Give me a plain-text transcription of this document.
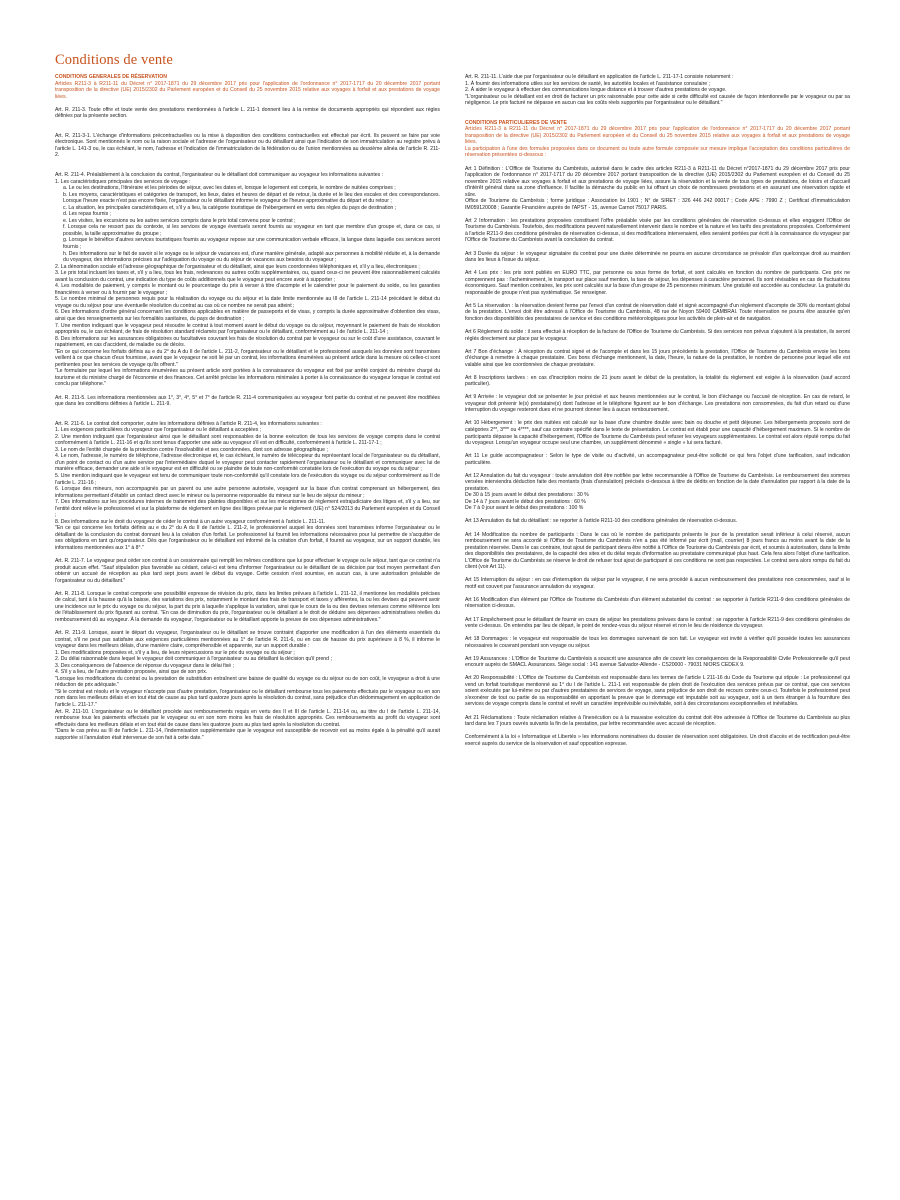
Conditions de vente
CONDITIONS GENERALES DE RÉSERVATION
Articles R211-3 à R211-11 du Décret n° 2017-1871 du 29 décembre 2017 pris pour l'application de l'ordonnance n° 2017-1717 du 20 décembre 2017 portant transposition de la directive (UE) 2015/2302 du Parlement européen et du Conseil du 25 novembre 2015 relative aux voyages à forfait et aux prestations de voyage liées.
Art. R. 211-3. Toute offre et toute vente des prestations mentionnées à l'article L. 211-1 donnent lieu à la remise de documents appropriés qui répondent aux règles définies par la présente section.
Art. R. 211-3-1. L'échange d'informations précontractuelles ou la mise à disposition des conditions contractuelles est effectué par écrit. Ils peuvent se faire par voie électronique. Sont mentionnés le nom ou la raison sociale et l'adresse de l'organisateur ou du détaillant ainsi que l'indication de son immatriculation au registre prévu à l'article L. 141-3 ou, le cas échéant, le nom, l'adresse et l'indication de l'immatriculation de la fédération ou de l'union mentionnées au deuxième alinéa de l'article R. 211-2.
Art. R. 211-4. Préalablement à la conclusion du contrat, l'organisateur ou le détaillant doit communiquer au voyageur les informations suivantes :
1. Les caractéristiques principales des services de voyage :
a. Le ou les destinations, l'itinéraire et les périodes de séjour, avec les dates et, lorsque le logement est compris, le nombre de nuitées comprises ;
b. Les moyens, caractéristiques et catégories de transport, les lieux, dates et heures de départ et de retour, la durée et le lieu des escales et des correspondances. Lorsque l'heure exacte n'est pas encore fixée, l'organisateur ou le détaillant informe le voyageur de l'heure approximative du départ et du retour ;
c. La situation, les principales caractéristiques et, s'il y a lieu, la catégorie touristique de l'hébergement en vertu des règles du pays de destination ;
d. Les repas fournis ;
e. Les visites, les excursions ou les autres services compris dans le prix total convenu pour le contrat ;
f. Lorsque cela ne ressort pas du contexte, si les services de voyage éventuels seront fournis au voyageur en tant que membre d'un groupe et, dans ce cas, si possible, la taille approximative du groupe ;
g. Lorsque le bénéfice d'autres services touristiques fournis au voyageur repose sur une communication verbale efficace, la langue dans laquelle ces services seront fournis ;
h. Des informations sur le fait de savoir si le voyage ou le séjour de vacances est, d'une manière générale, adapté aux personnes à mobilité réduite et, à la demande du voyageur, des informations précises sur l'adéquation du voyage ou du séjour de vacances aux besoins du voyageur ;
2. La dénomination sociale et l'adresse géographique de l'organisateur et du détaillant, ainsi que leurs coordonnées téléphoniques et, s'il y a lieu, électroniques ;
3. Le prix total incluant les taxes et, s'il y a lieu, tous les frais, redevances ou autres coûts supplémentaires, ou, quand ceux-ci ne peuvent être raisonnablement calculés avant la conclusion du contrat, une indication du type de coûts additionnels que le voyageur peut encore avoir à supporter ;
4. Les modalités de paiement, y compris le montant ou le pourcentage du prix à verser à titre d'acompte et le calendrier pour le paiement du solde, ou les garanties financières à verser ou à fournir par le voyageur ;
5. Le nombre minimal de personnes requis pour la réalisation du voyage ou du séjour et la date limite mentionnée au III de l'article L. 211-14 précédant le début du voyage ou du séjour pour une éventuelle résolution du contrat au cas où ce nombre ne serait pas atteint ;
6. Des informations d'ordre général concernant les conditions applicables en matière de passeports et de visas, y compris la durée approximative d'obtention des visas, ainsi que des renseignements sur les formalités sanitaires, du pays de destination ;
7. Une mention indiquant que le voyageur peut résoudre le contrat à tout moment avant le début du voyage ou du séjour, moyennant le paiement de frais de résolution appropriés ou, le cas échéant, de frais de résolution standard réclamés par l'organisateur ou le détaillant, conformément au I de l'article L. 211-14 ;
8. Des informations sur les assurances obligatoires ou facultatives couvrant les frais de résolution du contrat par le voyageur ou sur le coût d'une assistance, couvrant le rapatriement, en cas d'accident, de maladie ou de décès.
"En ce qui concerne les forfaits définis au e du 2° du A du II de l'article L. 211-2, l'organisateur ou le détaillant et le professionnel auxquels les données sont transmises veillent à ce que chacun d'eux fournisse, avant que le voyageur ne soit lié par un contrat, les informations énumérées au présent article dans la mesure où celles-ci sont pertinentes pour les services de voyage qu'ils offrent."
"Le formulaire par lequel les informations énumérées au présent article sont portées à la connaissance du voyageur est fixé par arrêté conjoint du ministre chargé du tourisme et du ministre chargé de l'économie et des finances. Cet arrêté précise les informations minimales à porter à la connaissance du voyageur lorsque le contrat est conclu par téléphone."
Art. R. 211-5. Les informations mentionnées aux 1°, 3°, 4°, 5° et 7° de l'article R. 211-4 communiquées au voyageur font partie du contrat et ne peuvent être modifiées que dans les conditions définies à l'article L. 211-9.
Art. R. 211-6. Le contrat doit comporter, outre les informations définies à l'article R. 211-4, les informations suivantes :
1. Les exigences particulières du voyageur que l'organisateur ou le détaillant a acceptées ;
2. Une mention indiquant que l'organisateur ainsi que le détaillant sont responsables de la bonne exécution de tous les services de voyage compris dans le contrat conformément à l'article L. 211-16 et qu'ils sont tenus d'apporter une aide au voyageur s'il est en difficulté, conformément à l'article L. 211-17-1 ;
3. Le nom de l'entité chargée de la protection contre l'insolvabilité et ses coordonnées, dont son adresse géographique ;
4. Le nom, l'adresse, le numéro de téléphone, l'adresse électronique et, le cas échéant, le numéro de télécopieur du représentant local de l'organisateur ou du détaillant, d'un point de contact ou d'un autre service par l'intermédiaire duquel le voyageur peut contacter rapidement l'organisateur ou le détaillant et communiquer avec lui de manière efficace, demander une aide si le voyageur est en difficulté ou se plaindre de toute non-conformité constatée lors de l'exécution du voyage ou du séjour ;
5. Une mention indiquant que le voyageur est tenu de communiquer toute non-conformité qu'il constate lors de l'exécution du voyage ou du séjour conformément au II de l'article L. 211-16 ;
6. Lorsque des mineurs, non accompagnés par un parent ou une autre personne autorisée, voyagent sur la base d'un contrat comprenant un hébergement, des informations permettant d'établir un contact direct avec le mineur ou la personne responsable du mineur sur le lieu de séjour du mineur ;
7. Des informations sur les procédures internes de traitement des plaintes disponibles et sur les mécanismes de règlement extrajudiciaire des litiges et, s'il y a lieu, sur l'entité dont relève le professionnel et sur la plateforme de règlement en ligne des litiges prévue par le règlement (UE) n° 524/2013 du Parlement européen et du Conseil ;
8. Des informations sur le droit du voyageur de céder le contrat à un autre voyageur conformément à l'article L. 211-11.
"En ce qui concerne les forfaits définis au e du 2° du A du II de l'article L. 211-2, le professionnel auquel les données sont transmises informe l'organisateur ou le détaillant de la conclusion du contrat donnant lieu à la création d'un forfait. Le professionnel lui fournit les informations nécessaires pour lui permettre de s'acquitter de ses obligations en tant qu'organisateur. Dès que l'organisateur ou le détaillant est informé de la création d'un forfait, il fournit au voyageur, sur un support durable, les informations mentionnées aux 1° à 8°."
Art. R. 211-7. Le voyageur peut céder son contrat à un cessionnaire qui remplit les mêmes conditions que lui pour effectuer le voyage ou le séjour, tant que ce contrat n'a produit aucun effet. "Sauf stipulation plus favorable au cédant, celui-ci est tenu d'informer l'organisateur ou le détaillant de sa décision par tout moyen permettant d'en obtenir un accusé de réception au plus tard sept jours avant le début du voyage. Cette cession n'est soumise, en aucun cas, à une autorisation préalable de l'organisateur ou du détaillant."
Art. R. 211-8. Lorsque le contrat comporte une possibilité expresse de révision du prix, dans les limites prévues à l'article L. 211-12, il mentionne les modalités précises de calcul, tant à la hausse qu'à la baisse, des variations des prix, notamment le montant des frais de transport et taxes y afférentes, la ou les devises qui peuvent avoir une incidence sur le prix du voyage ou du séjour, la part du prix à laquelle s'applique la variation, ainsi que le cours de la ou des devises retenues comme référence lors de l'établissement du prix figurant au contrat. "En cas de diminution du prix, l'organisateur ou le détaillant a le droit de déduire ses dépenses administratives réelles du remboursement dû au voyageur. À la demande du voyageur, l'organisateur ou le détaillant apporte la preuve de ces dépenses administratives."
Art. R. 211-9. Lorsque, avant le départ du voyageur, l'organisateur ou le détaillant se trouve contraint d'apporter une modification à l'un des éléments essentiels du contrat, s'il ne peut pas satisfaire aux exigences particulières mentionnées au 1° de l'article R. 211-6, ou en cas de hausse du prix supérieure à 8 %, il informe le voyageur dans les meilleurs délais, d'une manière claire, compréhensible et apparente, sur un support durable :
1. Des modifications proposées et, s'il y a lieu, de leurs répercussions sur le prix du voyage ou du séjour ;
2. Du délai raisonnable dans lequel le voyageur doit communiquer à l'organisateur ou au détaillant la décision qu'il prend ;
3. Des conséquences de l'absence de réponse du voyageur dans le délai fixé ;
4. S'il y a lieu, de l'autre prestation proposée, ainsi que de son prix.
"Lorsque les modifications du contrat ou la prestation de substitution entraînent une baisse de qualité du voyage ou du séjour ou de son coût, le voyageur a droit à une réduction de prix adéquate."
"Si le contrat est résolu et le voyageur n'accepte pas d'autre prestation, l'organisateur ou le détaillant rembourse tous les paiements effectués par le voyageur ou en son nom dans les meilleurs délais et en tout état de cause au plus tard quatorze jours après la résolution du contrat, sans préjudice d'un dédommagement en application de l'article L. 211-17."
Art. R. 211-10. L'organisateur ou le détaillant procède aux remboursements requis en vertu des II et III de l'article L. 211-14 ou, au titre du I de l'article L. 211-14, rembourse tous les paiements effectués par le voyageur ou en son nom moins les frais de résolution appropriés. Ces remboursements au profit du voyageur sont effectués dans les meilleurs délais et en tout état de cause dans les quatorze jours au plus tard après la résolution du contrat.
"Dans le cas prévu au III de l'article L. 211-14, l'indemnisation supplémentaire que le voyageur est susceptible de recevoir est au moins égale à la pénalité qu'il aurait supportée si l'annulation était intervenue de son fait à cette date."
Art. R. 211-11. L'aide due par l'organisateur ou le détaillant en application de l'article L. 211-17-1 consiste notamment :
1. À fournir des informations utiles sur les services de santé, les autorités locales et l'assistance consulaire ;
2. À aider le voyageur à effectuer des communications longue distance et à trouver d'autres prestations de voyage.
"L'organisateur ou le détaillant est en droit de facturer un prix raisonnable pour cette aide si cette difficulté est causée de façon intentionnelle par le voyageur ou par sa négligence. Le prix facturé ne dépasse en aucun cas les coûts réels supportés par l'organisateur ou le détaillant."
CONDITIONS PARTICULIERES DE VENTE
Articles R211-3 à R211-11 du Décret n° 2017-1871 du 29 décembre 2017 pris pour l'application de l'ordonnance n° 2017-1717 du 20 décembre 2017 portant transposition de la directive (UE) 2015/2302 du Parlement européen et du Conseil du 25 novembre 2015 relative aux voyages à forfait et aux prestations de voyage liées.
La participation à l'une des formules proposées dans ce document ou toute autre formule composée sur mesure implique l'acceptation des conditions particulières de réservation présentées ci-dessous :
Art 1 Définition : L'Office de Tourisme du Cambrésis, autorisé dans le cadre des articles R211-3 à R211-11 du Décret n°2017-1871 du 29 décembre 2017 pris pour l'application de l'ordonnance n° 2017-1717 du 20 décembre 2017 portant transposition de la directive (UE) 2015/2302 du Parlement européen et du Conseil du 25 novembre 2015 relative aux voyages à forfait et aux prestations de voyage liées, assure la réservation et la vente de tous types de prestations, de loisirs et d'accueil d'intérêt général dans sa zone d'influence. Il facilite la démarche du public en lui offrant un choix de nombreuses prestations et en assurant une réservation rapide et sûre.
Office de Tourisme du Cambrésis ; forme juridique : Association loi 1901 ; N° de SIRET : 326 446 242 00017 ; Code APE : 7990 Z ; Certificat d'Immatriculation IM059120008 ; Garantie Financière auprès de l'APST - 15, avenue Carnot 75017 PARIS.
Art 2 Information : les prestations proposées constituent l'offre préalable visée par les conditions générales de réservation ci-dessus et elles engagent l'Office de Tourisme du Cambrésis. Toutefois, des modifications peuvent naturellement intervenir dans le nombre et la nature et les tarifs des prestations proposées. Conformément à l'article R211-9 des conditions générales de réservation ci-dessus, si des modifications intervenaient, elles seraient portées par écrit à la connaissance du voyageur par l'Office de Tourisme du Cambrésis avant la conclusion du contrat.
Art 3 Durée du séjour : le voyageur signataire du contrat pour une durée déterminée ne pourra en aucune circonstance se prévaloir d'un quelconque droit au maintien dans les lieux à l'issue du séjour.
Art 4 Les prix : les prix sont publiés en EURO TTC, par personne ou sous forme de forfait, et sont calculés en fonction du nombre de participants. Ces prix ne comprennent pas : l'acheminement, le transport sur place sauf mention, la taxe de séjour, les dépenses à caractère personnel. Ils sont révisables en cas de fluctuations économiques. Sauf mention contraires, les prix sont calculés sur la base d'un groupe de 25 personnes minimum. Une gratuité est accordée au conducteur. La gratuité du responsable de groupe n'est pas systématique. Se renseigner.
Art 5 La réservation : la réservation devient ferme par l'envoi d'un contrat de réservation daté et signé accompagné d'un règlement d'acompte de 30% du montant global de la prestation. L'envoi doit être adressé à l'Office de Tourisme du Cambrésis, 48 rue de Noyon 59400 CAMBRAI. Toute réservation ne pourra être assurée qu'en fonction des disponibilités des prestataires de service et des conditions météorologiques pour les activités de plein-air et de navigation.
Art 6 Règlement du solde : il sera effectué à réception de la facture de l'Office de Tourisme du Cambrésis. Si des services non prévus s'ajoutent à la prestation, ils seront réglés directement sur place par le voyageur.
Art 7 Bon d'échange : À réception du contrat signé et de l'acompte et dans les 15 jours précédents la prestation, l'Office de Tourisme du Cambrésis envoie les bons d'échange à remettre à chaque prestataire. Ces bons d'échange mentionnent, la date, l'heure, la nature de la prestation, le nombre de personne pour lequel elle est valable ainsi que les coordonnées de chaque prestataire.
Art 8 Inscriptions tardives : en cas d'inscription moins de 21 jours avant le début de la prestation, la totalité du règlement est exigée à la réservation (sauf accord particulier).
Art 9 Arrivée : le voyageur doit se présenter le jour précisé et aux heures mentionnées sur le contrat, le bon d'échange ou l'accusé de réception. En cas de retard, le voyageur doit prévenir le(s) prestataire(s) dont l'adresse et le téléphone figurent sur le bon d'échange. Les prestations non consommées, du fait d'un retard ou d'une interruption du voyage resteront dues et ne pourront donner lieu à aucun remboursement.
Art 10 Hébergement : le prix des nuitées est calculé sur la base d'une chambre double avec bain ou douche et petit déjeuner. Les hébergements proposés sont de catégories 2**, 3*** ou 4****, sauf cas contraire spécifié dans le texte de présentation. Le contrat est établi pour une capacité d'hébergement maximum. Si le nombre de participants dépasse la capacité d'hébergement, l'Office de Tourisme du Cambrésis peut refuser les voyageurs supplémentaires. Le contrat est alors réputé rompu du fait du voyageur. Lorsqu'un voyageur occupe seul une chambre, un supplément dénommé « single » lui sera facturé.
Art 11 Le guide accompagnateur : Selon le type de visite ou d'activité, un accompagnateur peut-être sollicité ce qui fera l'objet d'une tarification, sauf indication particulière.
Art 12 Annulation du fait du voyageur : toute annulation doit être notifiée par lettre recommandée à l'Office de Tourisme du Cambrésis. Le remboursement des sommes versées interviendra déduction faite des montants (frais d'annulation) précisés ci-dessous à titre de dédits en fonction de la date d'annulation par rapport à la date de la prestation.
De 30 à 15 jours avant le début des prestations : 30 %
De 14 à 7 jours avant le début des prestations : 60 %
De 7 à 0 jour avant le début des prestations : 100 %
Art 13 Annulation du fait du détaillant : se reporter à l'article R211-10 des conditions générales de réservation ci-dessus.
Art 14 Modification du nombre de participants : Dans le cas où le nombre de participants présents le jour de la prestation serait inférieur à celui réservé, aucun remboursement ne sera accordé si l'Office de Tourisme du Cambrésis n'en a pas été informé par écrit (mail, courrier) 8 jours francs au moins avant la date de la prestation réservée. Dans le cas contraire, tout ajout de participant devra être notifié à l'Office de Tourisme du Cambrésis par écrit, et soumis à autorisation, dans la limite des disponibilités des prestataires, de la capacité des sites et du délai requis d'information au prestataire communiqué plus haut. Cela fera alors l'objet d'une tarification. L'Office de Tourisme du Cambrésis se réserve le droit de refuser tout ajout de participant si ces conditions ne sont pas respectées. Le contrat sera alors rompu du fait du client (voir Art 11).
Art 15 Interruption du séjour : en cas d'interruption du séjour par le voyageur, il ne sera procédé à aucun remboursement des prestations non consommées, sauf si le motif est couvert par l'assurance annulation du voyageur.
Art 16 Modification d'un élément par l'Office de Tourisme du Cambrésis d'un élément substantiel du contrat : se rapporter à l'article R211-9 des conditions générales de réservation ci-dessus.
Art 17 Empêchement pour le détaillant de fournir en cours de séjour les prestations prévues dans le contrat : se rapporter à l'article R211-9 des conditions générales de vente ci-dessus. On entendra par lieu de départ, le point de rendez-vous du séjour réservé et non le lieu de résidence du voyageur.
Art 18 Dommages : le voyageur est responsable de tous les dommages survenant de son fait. Le voyageur est invité à vérifier qu'il possède toutes les assurances nécessaires le couvrant pendant son voyage ou séjour.
Art 19 Assurances : L'Office de Tourisme du Cambrésis a souscrit une assurance afin de couvrir les conséquences de la Responsabilité Civile Professionnelle qu'il peut encourir auprès de SMACL Assurances. Siège social : 141 avenue Salvador-Allende - CS20000 - 79031 NIORS CEDEX 9.
Art 20 Responsabilité : L'Office de Tourisme du Cambrésis est responsable dans les termes de l'article L 211-16 du Code du Tourisme qui stipule : Le professionnel qui vend un forfait touristique mentionné au 1° du I de l'article L. 211-1 est responsable de plein droit de l'exécution des services prévus par ce contrat, que ces services soient exécutés par lui-même ou par d'autres prestataires de services de voyage, sans préjudice de son droit de recours contre ceux-ci. Toutefois le professionnel peut s'exonérer de tout ou partie de sa responsabilité en apportant la preuve que le dommage est imputable soit au voyageur, soit à un tiers étranger à la fourniture des services de voyage compris dans le contrat et revêt un caractère imprévisible ou inévitable, soit à des circonstances exceptionnelles et inévitables.
Art 21 Réclamations : Toute réclamation relative à l'inexécution ou à la mauvaise exécution du contrat doit être adressée à l'Office de Tourisme du Cambrésis au plus tard dans les 7 jours ouvrés suivants la fin de la prestation, par lettre recommandée avec accusé de réception.
Conformément à la loi « Informatique et Libertés » les informations nominatives du dossier de réservation sont obligatoires. Un droit d'accès et de rectification peut-être exercé auprès du service de la réservation et sauf opposition expresse.
